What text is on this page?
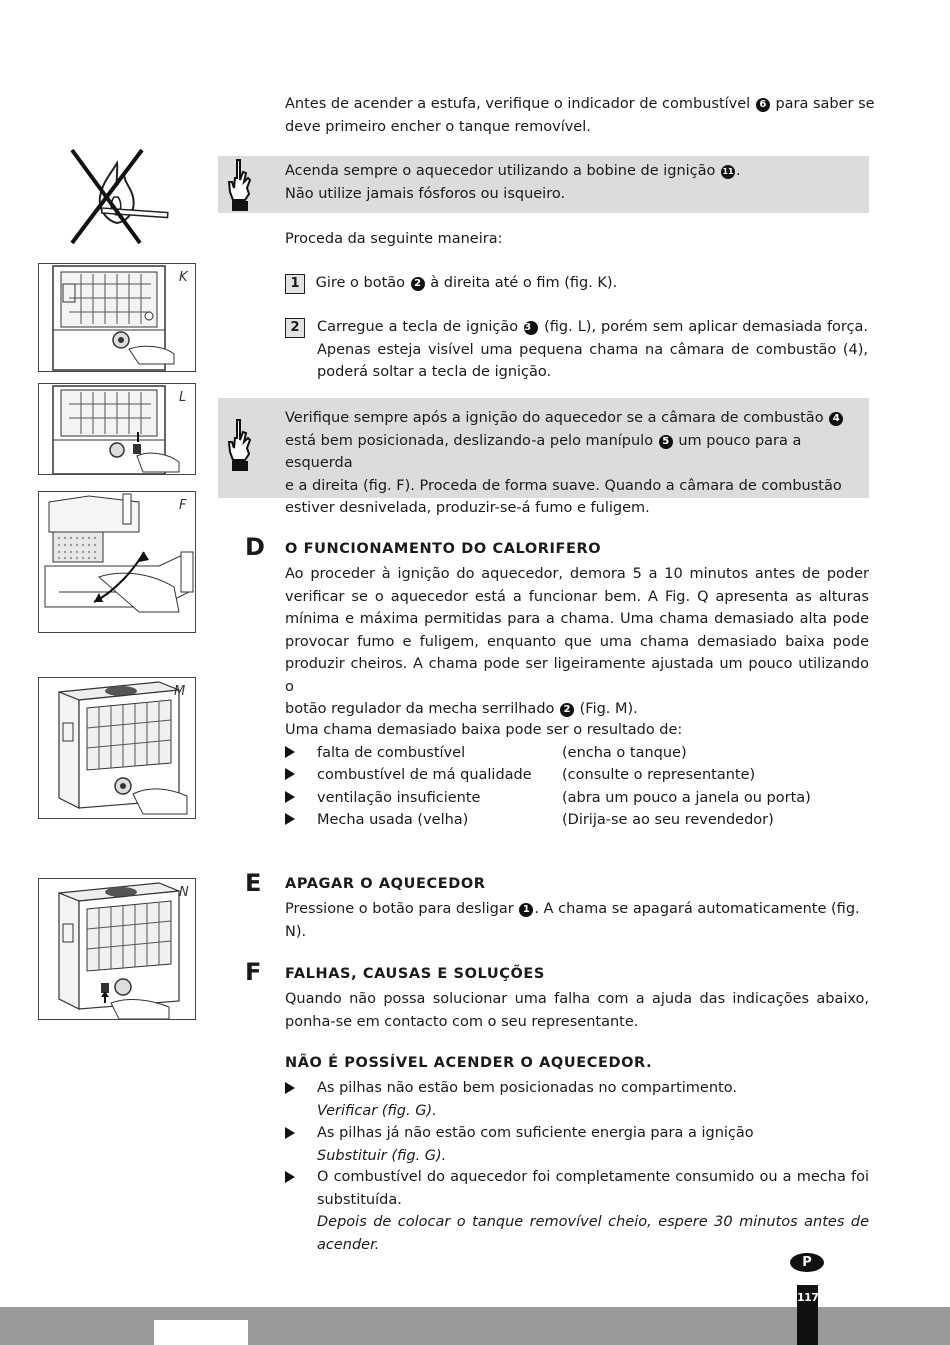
Antes de acender a estufa, verifique o indicador de combustível 6 para saber se
deve primeiro encher o tanque removível.
Acenda sempre o aquecedor utilizando a bobine de ignição 11 .
Não utilize jamais fósforos ou isqueiro.
Proceda da seguinte maneira:
1 Gire o botão 2 à direita até o fim (fig. K).
2	Carregue a tecla de ignição 3 (fig. L), porém sem aplicar demasiada força.
Apenas esteja visível uma pequena chama na câmara de combustão (4),
poderá soltar a tecla de ignição.
Verifique sempre após a ignição do aquecedor se a câmara de combustão 4
está bem posicionada, deslizando-a pelo manípulo 5 um pouco para a esquerda
e a direita (fig. F). Proceda de forma suave. Quando a câmara de combustão
estiver desnivelada, produzir-se-á fumo e fuligem.
D O FUNCIONAMENTO DO CALORIFERO
Ao proceder à ignição do aquecedor, demora 5 a 10 minutos antes de poder
verificar se o aquecedor está a funcionar bem. A Fig. Q apresenta as alturas
mínima e máxima permitidas para a chama. Uma chama demasiado alta pode
provocar fumo e fuligem, enquanto que uma chama demasiado baixa pode
produzir cheiros. A chama pode ser ligeiramente ajustada um pouco utilizando o
botão regulador da mecha serrilhado 2 (Fig. M).
Uma chama demasiado baixa pode ser o resultado de:
falta de combustível	(encha o tanque)
combustível de má qualidade (consulte o representante)
ventilação insuficiente	(abra um pouco a janela ou porta)
Mecha usada (velha)	(Dirija-se ao seu revendedor)
E APAGAR O AQUECEDOR
Pressione o botão para desligar 1 . A chama se apagará automaticamente (fig. N).
F FALHAS, CAUSAS E SOLUÇÕES
Quando não possa solucionar uma falha com a ajuda das indicações abaixo,
ponha-se em contacto com o seu representante.
NÃO É POSSÍVEL ACENDER O AQUECEDOR.
As pilhas não estão bem posicionadas no compartimento.
Verificar (fig. G).
As pilhas já não estão com suficiente energia para a ignição
Substituir (fig. G).
O combustível do aquecedor foi completamente consumido ou a mecha foi
substituída.
Depois de colocar o tanque removível cheio, espere 30 minutos antes de
acender.
K
L
F
M
N
P
117
